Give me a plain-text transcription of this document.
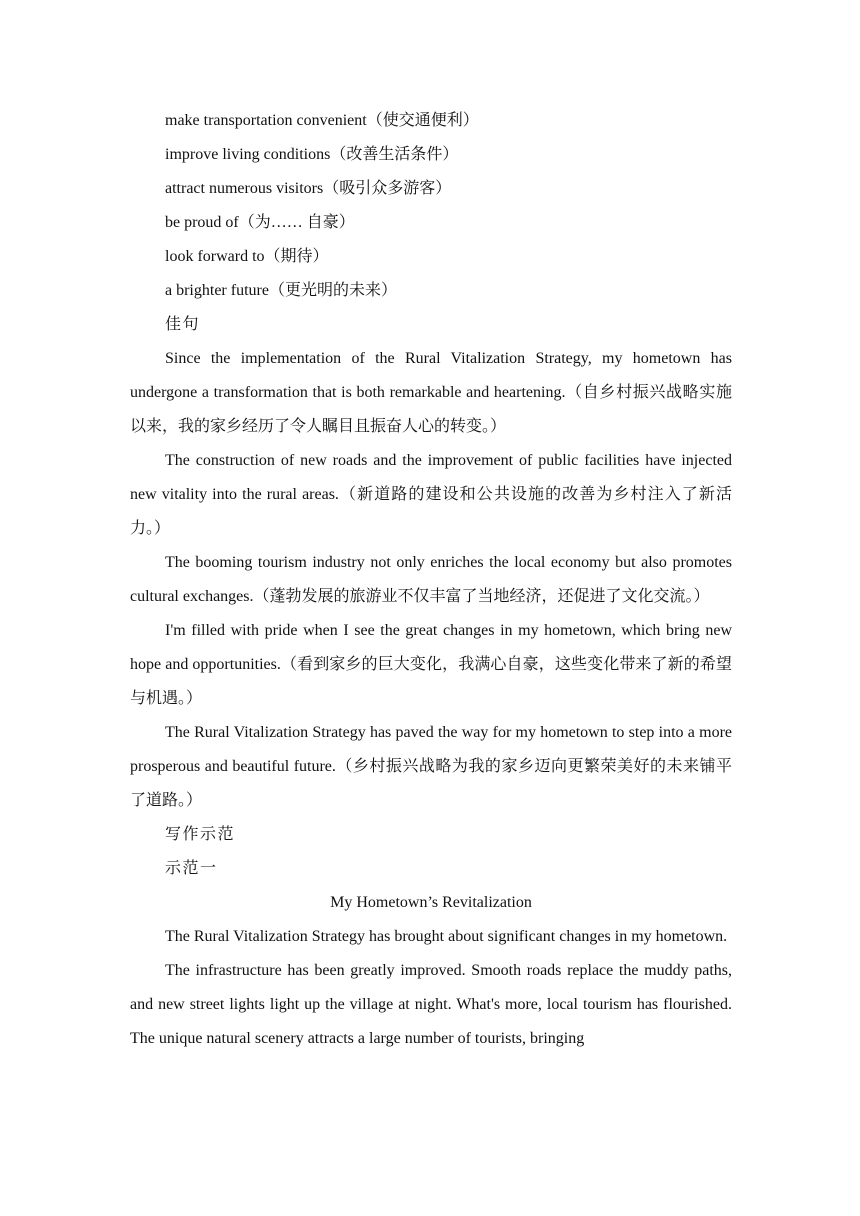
make transportation convenient（使交通便利）

improve living conditions（改善生活条件）

attract numerous visitors（吸引众多游客）

be proud of（为…… 自豪）

look forward to（期待）

a brighter future（更光明的未来）

佳句

Since the implementation of the Rural Vitalization Strategy, my hometown has undergone a transformation that is both remarkable and heartening.（自乡村振兴战略实施以来，我的家乡经历了令人瞩目且振奋人心的转变。）

The construction of new roads and the improvement of public facilities have injected new vitality into the rural areas.（新道路的建设和公共设施的改善为乡村注入了新活力。）

The booming tourism industry not only enriches the local economy but also promotes cultural exchanges.（蓬勃发展的旅游业不仅丰富了当地经济，还促进了文化交流。）

I'm filled with pride when I see the great changes in my hometown, which bring new hope and opportunities.（看到家乡的巨大变化，我满心自豪，这些变化带来了新的希望与机遇。）

The Rural Vitalization Strategy has paved the way for my hometown to step into a more prosperous and beautiful future.（乡村振兴战略为我的家乡迈向更繁荣美好的未来铺平了道路。）

写作示范

示范一

My Hometown’s Revitalization

The Rural Vitalization Strategy has brought about significant changes in my hometown.

The infrastructure has been greatly improved. Smooth roads replace the muddy paths, and new street lights light up the village at night. What's more, local tourism has flourished. The unique natural scenery attracts a large number of tourists, bringing
